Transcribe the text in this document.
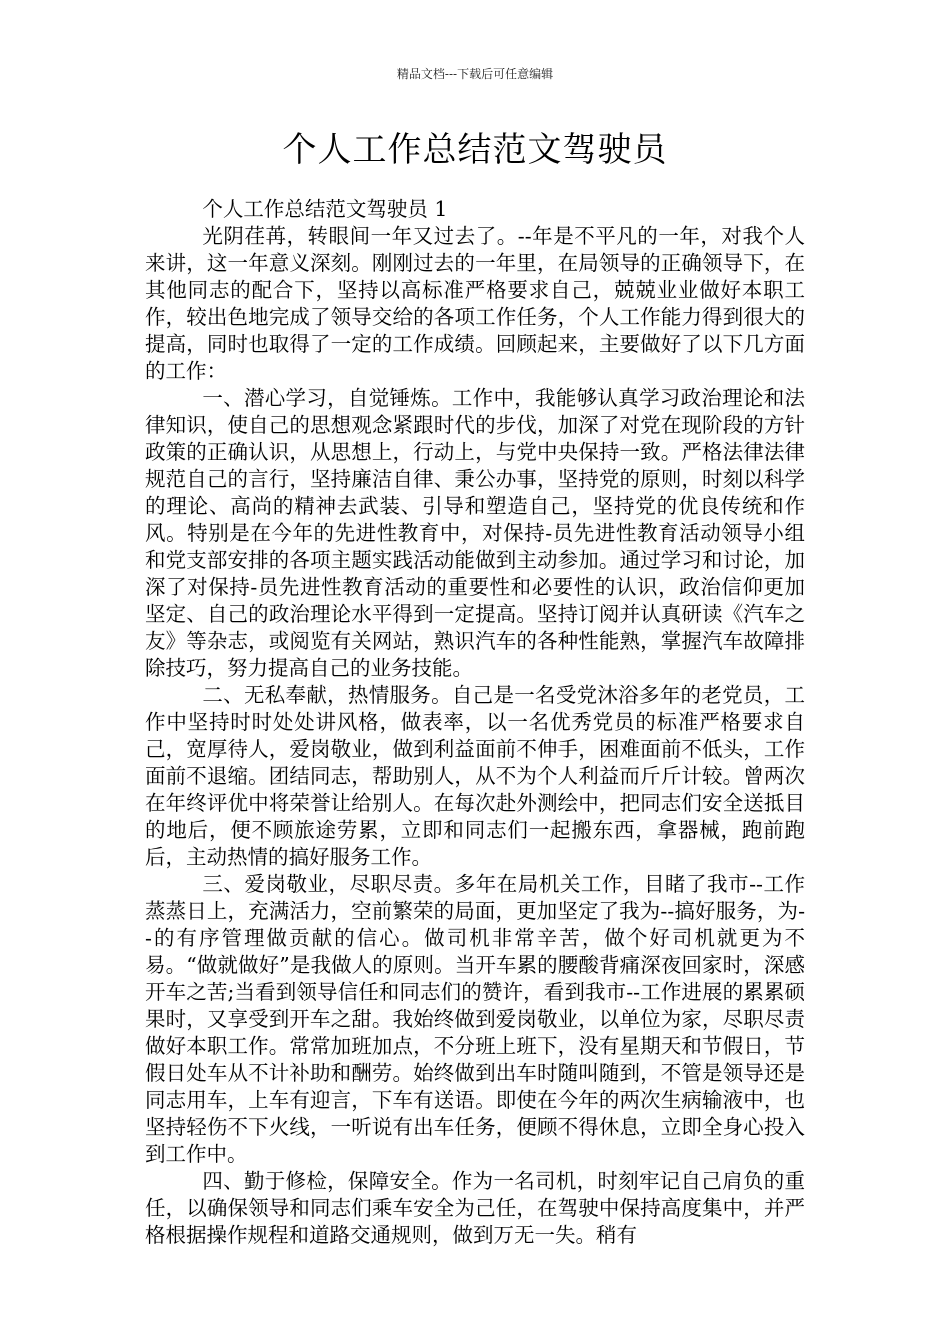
精品文档---下载后可任意编辑
个人工作总结范文驾驶员

个人工作总结范文驾驶员 1

光阴荏苒，转眼间一年又过去了。--年是不平凡的一年，对我个人来讲，这一年意义深刻。刚刚过去的一年里，在局领导的正确领导下，在其他同志的配合下，坚持以高标准严格要求自己，兢兢业业做好本职工作，较出色地完成了领导交给的各项工作任务，个人工作能力得到很大的提高，同时也取得了一定的工作成绩。回顾起来，主要做好了以下几方面的工作：

一、潜心学习，自觉锤炼。工作中，我能够认真学习政治理论和法律知识，使自己的思想观念紧跟时代的步伐，加深了对党在现阶段的方针政策的正确认识，从思想上，行动上，与党中央保持一致。严格法律法律规范自己的言行，坚持廉洁自律、秉公办事，坚持党的原则，时刻以科学的理论、高尚的精神去武装、引导和塑造自己，坚持党的优良传统和作风。特别是在今年的先进性教育中，对保持-员先进性教育活动领导小组和党支部安排的各项主题实践活动能做到主动参加。通过学习和讨论，加深了对保持-员先进性教育活动的重要性和必要性的认识，政治信仰更加坚定、自己的政治理论水平得到一定提高。坚持订阅并认真研读《汽车之友》等杂志，或阅览有关网站，熟识汽车的各种性能熟，掌握汽车故障排除技巧，努力提高自己的业务技能。

二、无私奉献，热情服务。自己是一名受党沐浴多年的老党员，工作中坚持时时处处讲风格，做表率，以一名优秀党员的标准严格要求自己，宽厚待人，爱岗敬业，做到利益面前不伸手，困难面前不低头，工作面前不退缩。团结同志，帮助别人，从不为个人利益而斤斤计较。曾两次在年终评优中将荣誉让给别人。在每次赴外测绘中，把同志们安全送抵目的地后，便不顾旅途劳累，立即和同志们一起搬东西，拿器械，跑前跑后，主动热情的搞好服务工作。

三、爱岗敬业，尽职尽责。多年在局机关工作，目睹了我市--工作蒸蒸日上，充满活力，空前繁荣的局面，更加坚定了我为--搞好服务，为--的有序管理做贡献的信心。做司机非常辛苦，做个好司机就更为不易。“做就做好”是我做人的原则。当开车累的腰酸背痛深夜回家时，深感开车之苦;当看到领导信任和同志们的赞许，看到我市--工作进展的累累硕果时，又享受到开车之甜。我始终做到爱岗敬业，以单位为家，尽职尽责做好本职工作。常常加班加点，不分班上班下，没有星期天和节假日，节假日处车从不计补助和酬劳。始终做到出车时随叫随到，不管是领导还是同志用车，上车有迎言，下车有送语。即使在今年的两次生病输液中，也坚持轻伤不下火线，一听说有出车任务，便顾不得休息，立即全身心投入到工作中。

四、勤于修检，保障安全。作为一名司机，时刻牢记自己肩负的重任，以确保领导和同志们乘车安全为己任，在驾驶中保持高度集中，并严格根据操作规程和道路交通规则，做到万无一失。稍有
